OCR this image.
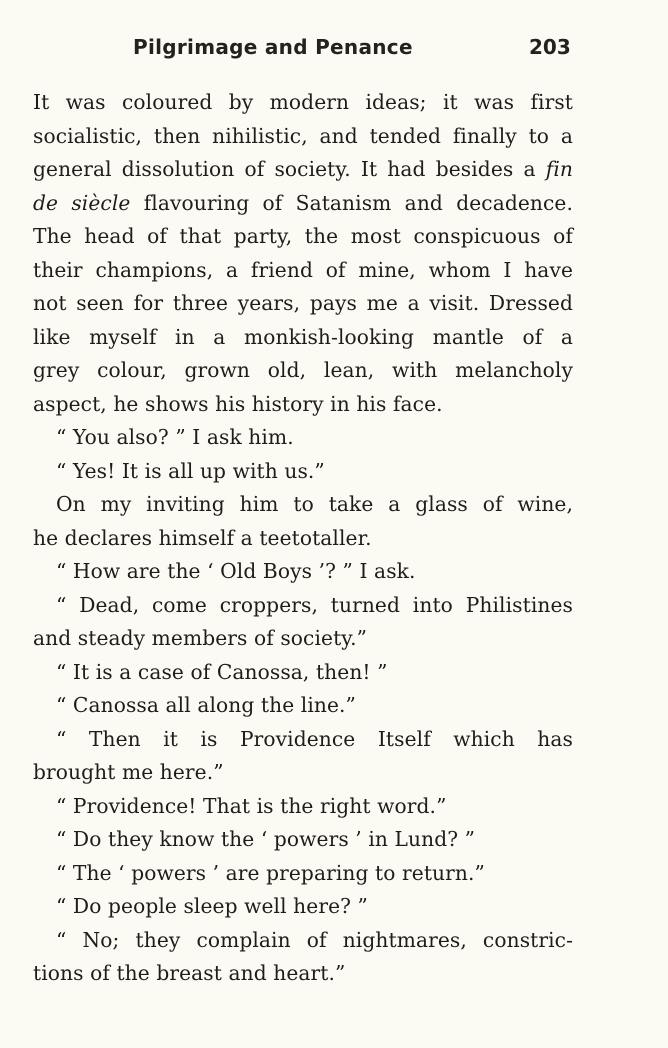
Pilgrimage and Penance	203
It was coloured by modern ideas; it was first
socialistic, then nihilistic, and tended finally to a
general dissolution of society. It had besides a fin
de siècle flavouring of Satanism and decadence.
The head of that party, the most conspicuous of
their champions, a friend of mine, whom I have
not seen for three years, pays me a visit. Dressed
like myself in a monkish-looking mantle of a
grey colour, grown old, lean, with melancholy
aspect, he shows his history in his face.
“ You also? ” I ask him.
“ Yes! It is all up with us.”
On my inviting him to take a glass of wine,
he declares himself a teetotaller.
“ How are the ‘ Old Boys ’? ” I ask.
“ Dead, come croppers, turned into Philistines
and steady members of society.”
“ It is a case of Canossa, then! ”
“ Canossa all along the line.”
“ Then it is Providence Itself which has
brought me here.”
“ Providence! That is the right word.”
“ Do they know the ‘ powers ’ in Lund? ”
“ The ‘ powers ’ are preparing to return.”
“ Do people sleep well here? ”
“ No; they complain of nightmares, constric-
tions of the breast and heart.”
